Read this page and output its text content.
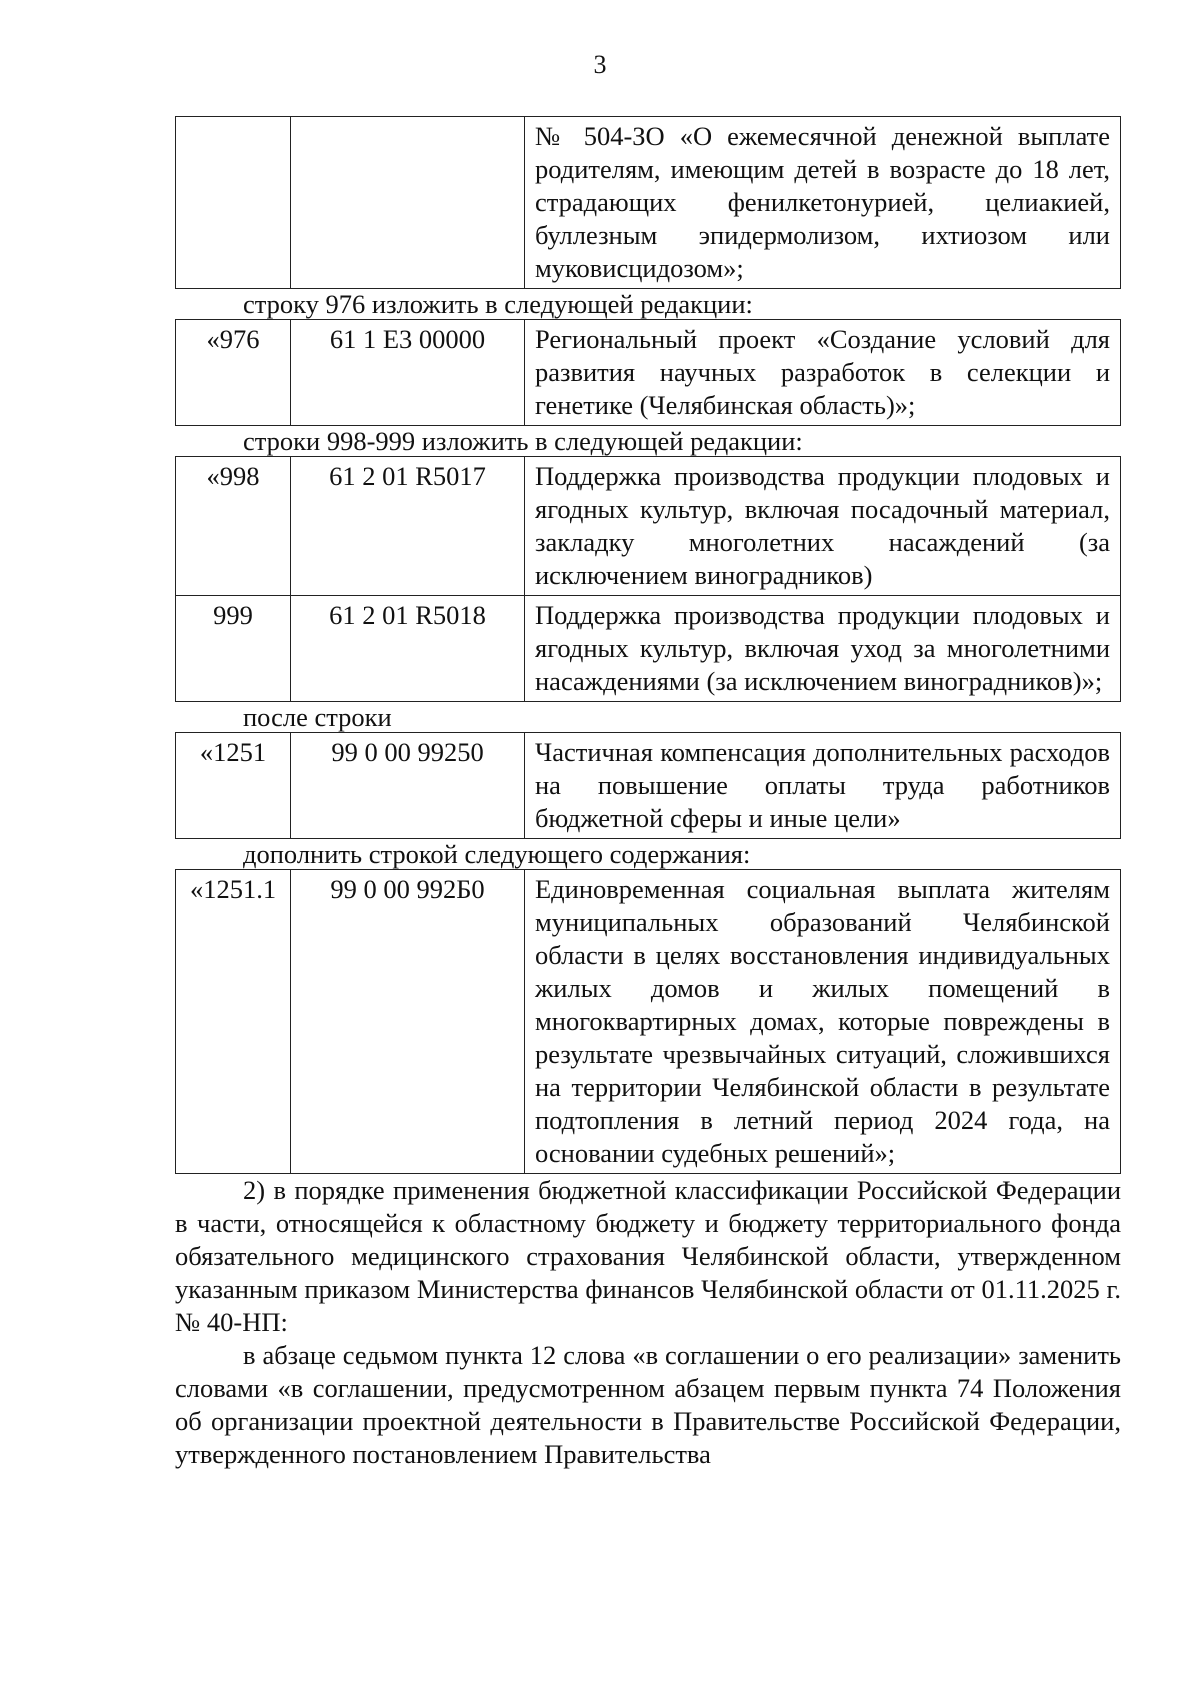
3
		№ 504-ЗО «О ежемесячной денежной выплате родителям, имеющим детей в возрасте до 18 лет, страдающих фенилкетонурией, целиакией, буллезным эпидермолизом, ихтиозом или муковисцидозом»;

строку 976 изложить в следующей редакции:

«976	61 1 Е3 00000	Региональный проект «Создание условий для развития научных разработок в селекции и генетике (Челябинская область)»;

строки 998-999 изложить в следующей редакции:

«998	61 2 01 R5017	Поддержка производства продукции плодовых и ягодных культур, включая посадочный материал, закладку многолетних насаждений (за исключением виноградников)
999	61 2 01 R5018	Поддержка производства продукции плодовых и ягодных культур, включая уход за многолетними насаждениями (за исключением виноградников)»;

после строки

«1251	99 0 00 99250	Частичная компенсация дополнительных расходов на повышение оплаты труда работников бюджетной сферы и иные цели»

дополнить строкой следующего содержания:

«1251.1	99 0 00 992Б0	Единовременная социальная выплата жителям муниципальных образований Челябинской области в целях восстановления индивидуальных жилых домов и жилых помещений в многоквартирных домах, которые повреждены в результате чрезвычайных ситуаций, сложившихся на территории Челябинской области в результате подтопления в летний период 2024 года, на основании судебных решений»;

2) в порядке применения бюджетной классификации Российской Федерации в части, относящейся к областному бюджету и бюджету территориального фонда обязательного медицинского страхования Челябинской области, утвержденном указанным приказом Министерства финансов Челябинской области от 01.11.2025 г. № 40-НП:

в абзаце седьмом пункта 12 слова «в соглашении о его реализации» заменить словами «в соглашении, предусмотренном абзацем первым пункта 74 Положения об организации проектной деятельности в Правительстве Российской Федерации, утвержденного постановлением Правительства
